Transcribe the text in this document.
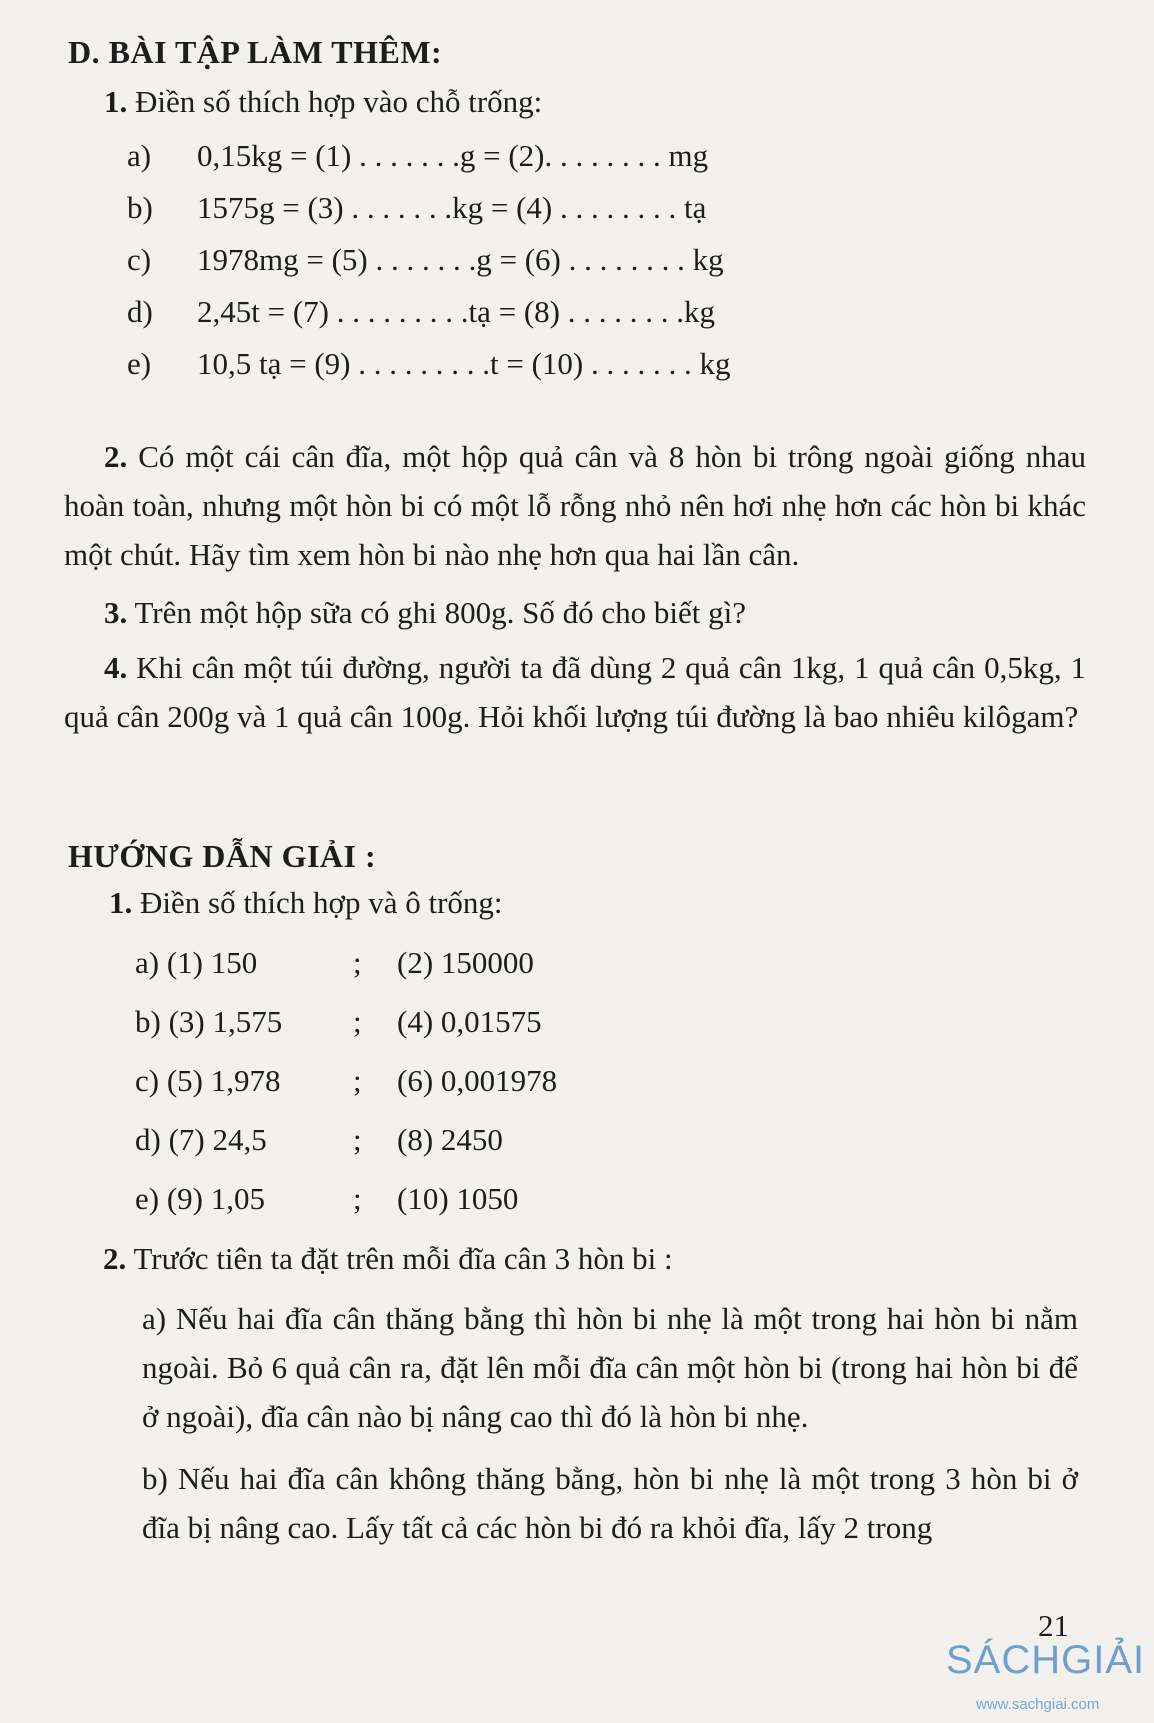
D. BÀI TẬP LÀM THÊM:
1. Điền số thích hợp vào chỗ trống:
a) 0,15kg = (1) . . . . . . .g = (2). . . . . . . . mg
b) 1575g = (3) . . . . . . .kg = (4) . . . . . . . . tạ
c) 1978mg = (5) . . . . . . .g = (6) . . . . . . . . kg
d) 2,45t = (7) . . . . . . . . .tạ = (8) . . . . . . . .kg
e) 10,5 tạ = (9) . . . . . . . . .t = (10) . . . . . . . kg
2. Có một cái cân đĩa, một hộp quả cân và 8 hòn bi trông ngoài giống nhau hoàn toàn, nhưng một hòn bi có một lỗ rỗng nhỏ nên hơi nhẹ hơn các hòn bi khác một chút. Hãy tìm xem hòn bi nào nhẹ hơn qua hai lần cân.
3. Trên một hộp sữa có ghi 800g. Số đó cho biết gì?
4. Khi cân một túi đường, người ta đã dùng 2 quả cân 1kg, 1 quả cân 0,5kg, 1 quả cân 200g và 1 quả cân 100g. Hỏi khối lượng túi đường là bao nhiêu kilôgam?
HƯỚNG DẪN GIẢI :
1. Điền số thích hợp và ô trống:
a) (1) 150	; (2) 150000
b) (3) 1,575 ; (4) 0,01575
c) (5) 1,978 ; (6) 0,001978
d) (7) 24,5	; (8) 2450
e) (9) 1,05	; (10) 1050
2. Trước tiên ta đặt trên mỗi đĩa cân 3 hòn bi :
a) Nếu hai đĩa cân thăng bằng thì hòn bi nhẹ là một trong hai hòn bi nằm ngoài. Bỏ 6 quả cân ra, đặt lên mỗi đĩa cân một hòn bi (trong hai hòn bi để ở ngoài), đĩa cân nào bị nâng cao thì đó là hòn bi nhẹ.
b) Nếu hai đĩa cân không thăng bằng, hòn bi nhẹ là một trong 3 hòn bi ở đĩa bị nâng cao. Lấy tất cả các hòn bi đó ra khỏi đĩa, lấy 2 trong
21
SÁCHGIẢI
www.sachgiai.com
